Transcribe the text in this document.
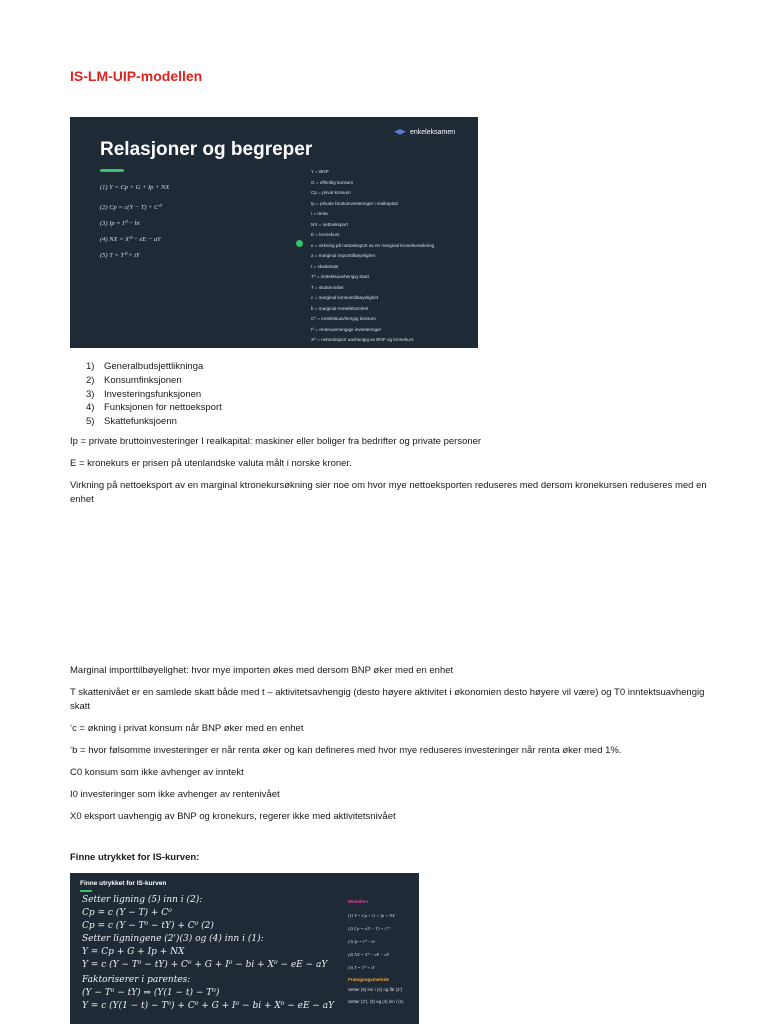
IS-LM-UIP-modellen
Relasjoner og begreper
enkeleksamen
(1) Y = Cp + G + Ip + NX
(2) Cp = c(Y − T) + C⁰
(3) Ip = I⁰ − bi
(4) NX = X⁰ − eE − aY
(5) T = T⁰ + tY
Y = BNP
G = offentlig konsum
Cp = privat konsum
Ip = private bruttoinvesteringer i realkapital
i = renta
NX = nettoeksport
E = kronekurs
e = virkning på nettoeksport av en marginal kronekursøkning
a = marginal importtilbøyelighet
t = skattesats
T⁰ = inntektsuavhengig skatt
T = skattenivået
c = marginal konsumtilbøyelighet
b = marginal rentefølsomhet
C⁰ = inntektsuavhengig konsum
I⁰ = renteuavhengige investeringer
X⁰ = nettoeksport uavhengig av BNP og kronekurs
1)	Generalbudsjettlikninga
2)	Konsumfinksjonen
3)	Investeringsfunksjonen
4)	Funksjonen for nettoeksport
5)	Skattefunksjoenn

Ip = private bruttoinvesteringer I realkapital: maskiner eller boliger fra bedrifter og private personer

E = kronekurs er prisen på utenlandske valuta målt i norske kroner.

Virkning på nettoeksport av en marginal ktronekursøkning sier noe om hvor mye nettoeksporten reduseres med dersom kronekursen reduseres med en enhet

Marginal importtilbøyelighet: hvor mye importen økes med dersom BNP øker med en enhet

T skattenivået er en samlede skatt både med t – aktivitetsavhengig (desto høyere aktivitet i økonomien desto høyere vil være) og T0 inntektsuavhengig skatt

‘c = økning i privat konsum når BNP øker med en enhet

‘b = hvor følsomme investeringer er når renta øker og kan defineres med hvor mye reduseres investeringer når renta øker med 1%.

C0 konsum som ikke avhenger av inntekt

I0 investeringer som ikke avhenger av rentenivået

X0 eksport uavhengig av BNP og kronekurs, regerer ikke med aktivitetsnivået

Finne utrykket for IS-kurven:
Finne utrykket for IS-kurven
Setter ligning (5) inn i (2):
Cp = c (Y − T) + C⁰
Cp = c (Y − T⁰ − tY) + C⁰ (2)
Setter ligningene (2')(3) og (4) inn i (1):
Y = Cp + G + Ip + NX
Y = c (Y − T⁰ − tY) + C⁰ + G + I⁰ − bi + X⁰ − eE − aY
Faktoriserer i parentes:
(Y − T⁰ − tY) ⇒ (Y(1 − t) − T⁰)
Y = c (Y(1 − t) − T⁰) + C⁰ + G + I⁰ − bi + X⁰ − eE − aY
Modellen
(1) Y = Cp + G + Ip + NX
(2) Cp = c(Y − T) + C⁰
(3) Ip = I⁰ − bi
(4) NX = X⁰ − eE − aY
(5) T = T⁰ + tY
Framgangsmetode
Setter (5) inn i (2) og får (2')
Setter (2'), (3) og (4) inn i (1)
